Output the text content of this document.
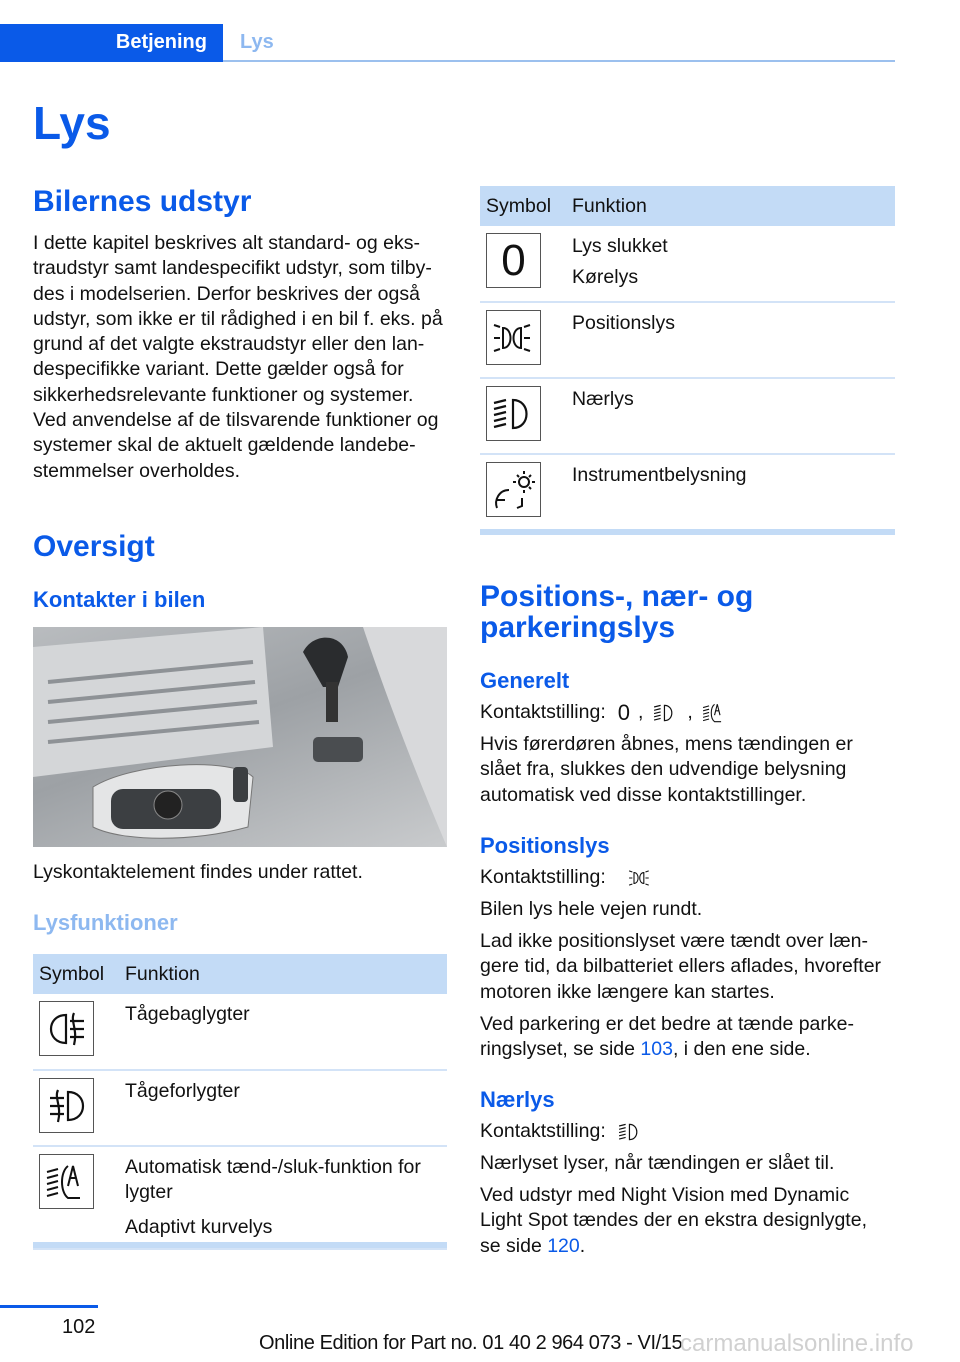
Betjening	Lys
Lys
Bilernes udstyr
I dette kapitel beskrives alt standard- og eks-
traudstyr samt landespecifikt udstyr, som tilby-
des i modelserien. Derfor beskrives der også
udstyr, som ikke er til rådighed i en bil f. eks. på
grund af det valgte ekstraudstyr eller den lan-
despecifikke variant. Dette gælder også for
sikkerhedsrelevante funktioner og systemer.
Ved anvendelse af de tilsvarende funktioner og
systemer skal de aktuelt gældende landebe-
stemmelser overholdes.
Oversigt
Kontakter i bilen
Lyskontaktelement findes under rattet.
Lysfunktioner
Symbol	Funktion

Tågebaglygter

Tågeforlygter

Automatisk tænd-/sluk-funktion for lygter
Adaptivt kurvelys
Symbol	Funktion

0	Lys slukket
Kørelys

Positionslys

Nærlys

Instrumentbelysning
Positions-, nær- og
parkeringslys
Generelt
Kontaktstilling: 0 , ,
Hvis førerdøren åbnes, mens tændingen er
slået fra, slukkes den udvendige belysning
automatisk ved disse kontaktstillinger.
Positionslys
Kontaktstilling:
Bilen lys hele vejen rundt.
Lad ikke positionslyset være tændt over læn-
gere tid, da bilbatteriet ellers aflades, hvorefter
motoren ikke længere kan startes.
Ved parkering er det bedre at tænde parke-
ringslyset, se side 103, i den ene side.
Nærlys
Kontaktstilling:
Nærlyset lyser, når tændingen er slået til.
Ved udstyr med Night Vision med Dynamic
Light Spot tændes der en ekstra designlygte,
se side 120.
102
Online Edition for Part no. 01 40 2 964 073 - VI/15
carmanualsonline.info
